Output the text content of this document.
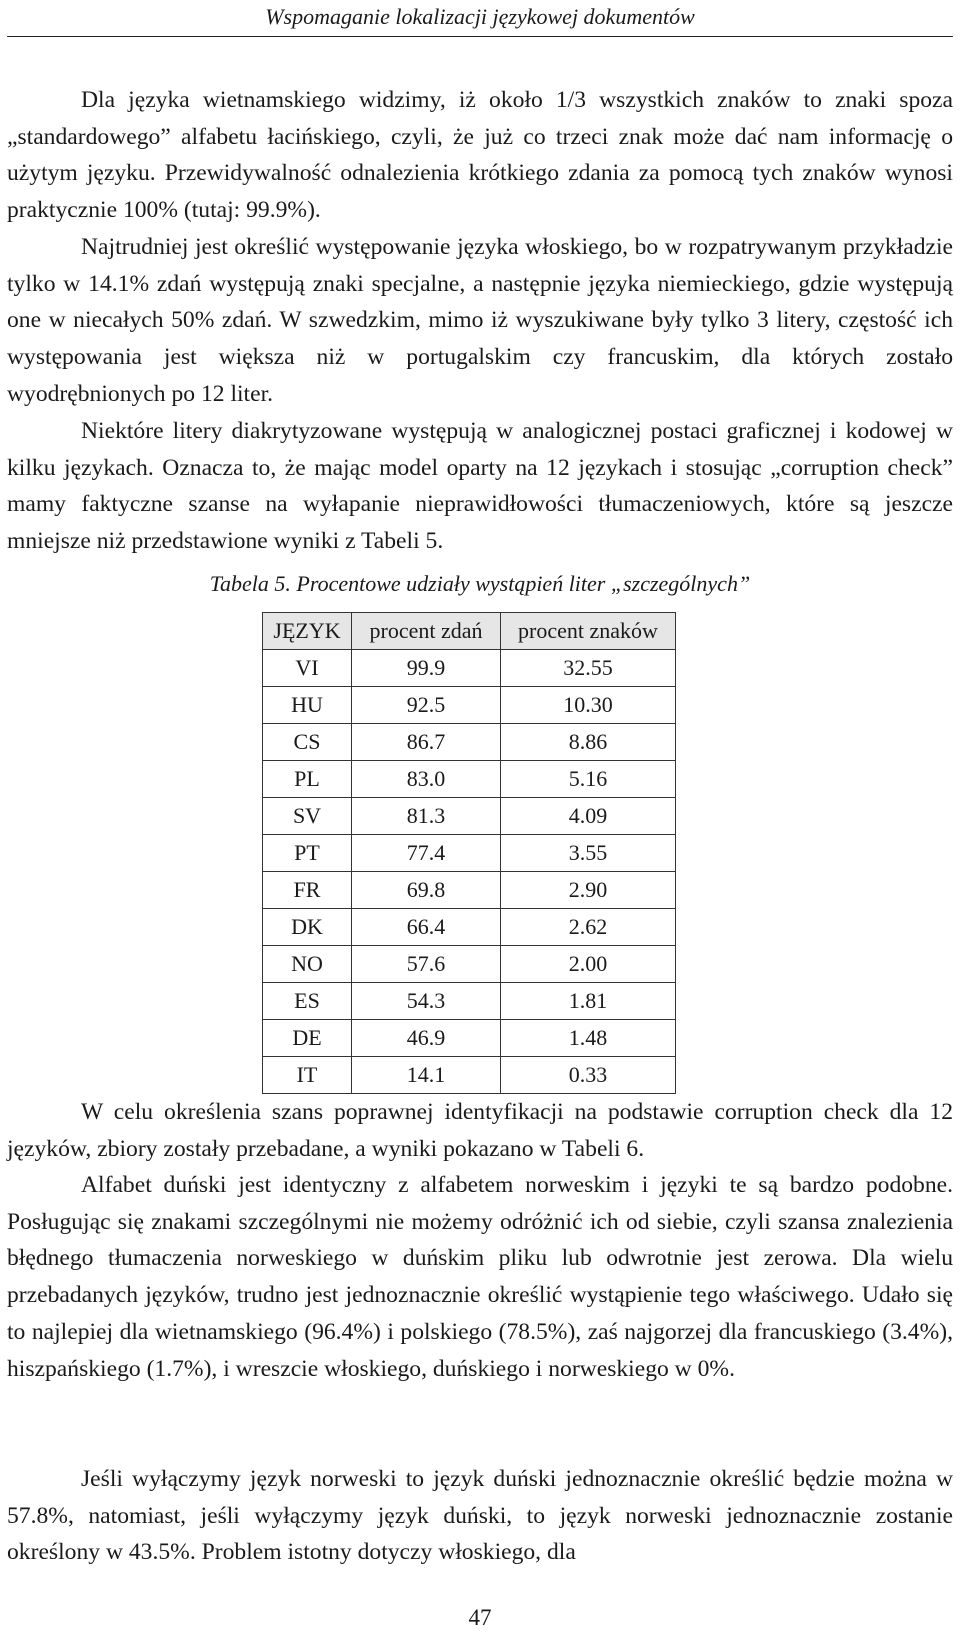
Wspomaganie lokalizacji językowej dokumentów

Dla języka wietnamskiego widzimy, iż około 1/3 wszystkich znaków to znaki spoza „standardowego” alfabetu łacińskiego, czyli, że już co trzeci znak może dać nam informację o użytym języku. Przewidywalność odnalezienia krótkiego zdania za pomocą tych znaków wynosi praktycznie 100% (tutaj: 99.9%).

Najtrudniej jest określić występowanie języka włoskiego, bo w rozpatrywanym przykładzie tylko w 14.1% zdań występują znaki specjalne, a następnie języka niemieckiego, gdzie występują one w niecałych 50% zdań. W szwedzkim, mimo iż wyszukiwane były tylko 3 litery, częstość ich występowania jest większa niż w portugalskim czy francuskim, dla których zostało wyodrębnionych po 12 liter.

Niektóre litery diakrytyzowane występują w analogicznej postaci graficznej i kodowej w kilku językach. Oznacza to, że mając model oparty na 12 językach i stosując „corruption check” mamy faktyczne szanse na wyłapanie nieprawidłowości tłumaczeniowych, które są jeszcze mniejsze niż przedstawione wyniki z Tabeli 5.

Tabela 5. Procentowe udziały wystąpień liter „szczególnych”
JĘZYK	procent zdań	procent znaków
VI	99.9	32.55
HU	92.5	10.30
CS	86.7	8.86
PL	83.0	5.16
SV	81.3	4.09
PT	77.4	3.55
FR	69.8	2.90
DK	66.4	2.62
NO	57.6	2.00
ES	54.3	1.81
DE	46.9	1.48
IT	14.1	0.33

W celu określenia szans poprawnej identyfikacji na podstawie corruption check dla 12 języków, zbiory zostały przebadane, a wyniki pokazano w Tabeli 6.

Alfabet duński jest identyczny z alfabetem norweskim i języki te są bardzo podobne. Posługując się znakami szczególnymi nie możemy odróżnić ich od siebie, czyli szansa znalezienia błędnego tłumaczenia norweskiego w duńskim pliku lub odwrotnie jest zerowa. Dla wielu przebadanych języków, trudno jest jednoznacznie określić wystąpienie tego właściwego. Udało się to najlepiej dla wietnamskiego (96.4%) i polskiego (78.5%), zaś najgorzej dla francuskiego (3.4%), hiszpańskiego (1.7%), i wreszcie włoskiego, duńskiego i norweskiego w 0%.

Jeśli wyłączymy język norweski to język duński jednoznacznie określić będzie można w 57.8%, natomiast, jeśli wyłączymy język duński, to język norweski jednoznacznie zostanie określony w 43.5%. Problem istotny dotyczy włoskiego, dla

47
